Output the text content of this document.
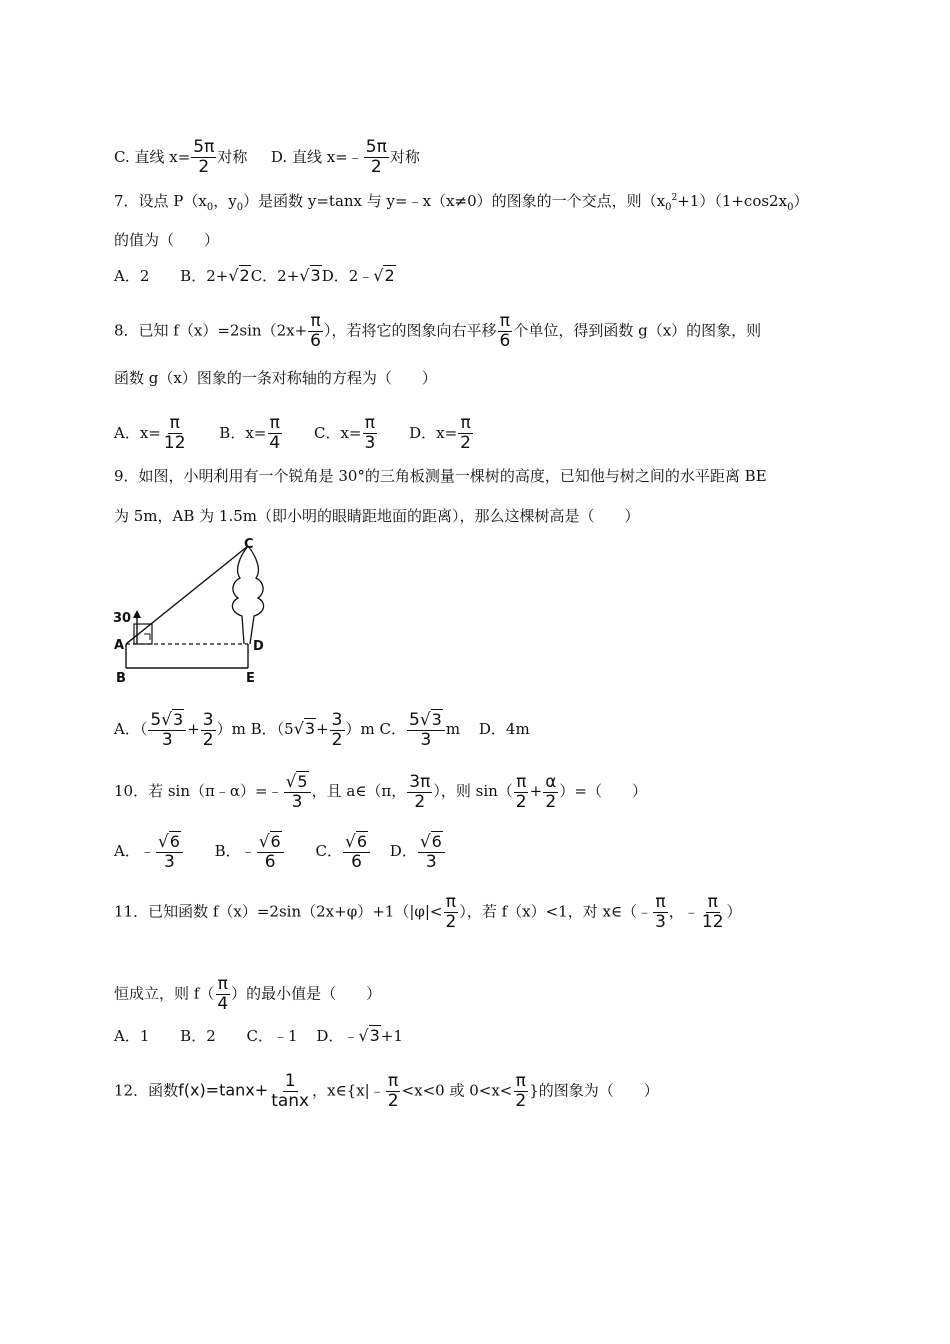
C. 直线 $x= \frac{5\pi}{2}$ 对称 D. 直线 x=﹣ $\frac{5\pi}{2}$ 对称
7．设点 $P(x_0$，$y_0$）是函数 y=tanx 与 y=﹣x（x≠0）的图象的一个交点，则$(x_0^2+1)(1+\cos 2x_0)$
的值为（　　）
A．2 B．2+√2C．2+√3D．2﹣√2
8．已知 $f(x)=2\sin(2x+ \frac{\pi}{6}$ ），若将它的图象向右平移 $\frac{\pi}{6}$ 个单位，得到函数 g（x）的图象，则
函数 g（x）图象的一条对称轴的方程为（　　）
A．$x= \frac{\pi}{12}$ B．$x= \frac{\pi}{4}$ C．$x= \frac{\pi}{3}$ D．$x= \frac{\pi}{2}$
9．如图，小明利用有一个锐角是 30°的三角板测量一棵树的高度，已知他与树之间的水平距离 BE
为 5m，AB 为 1.5m（即小明的眼睛距地面的距离），那么这棵树高是（　　）
30
A
B
C
D
E
A．（ $\frac{5√3}{3} + \frac{3}{2} )m$ B．$(5√3+ \frac{3}{2} )m$ C． $\frac{5√3}{3}$ m D．4m
10．若 sin（π﹣α）=﹣ $\frac{√5}{3}$ ，且 a∈（π， $\frac{3\pi}{2}$ ），则 $\sin( \frac{\pi}{2} + \frac{\alpha}{2}$ ）=（　　）
A．﹣ $\frac{√6}{3}$ B．﹣ $\frac{√6}{6}$ C． $\frac{√6}{6}$ D． $\frac{√6}{3}$
11．已知函数 $f(x)=2\sin(2x+\varphi)+1(|\varphi|< \frac{\pi}{2}$ ），若 f（x）<1，对 x∈（﹣ $\frac{\pi}{3}$ ，﹣ $\frac{\pi}{12}$ ）
恒成立，则 $f( \frac{\pi}{4}$ ）的最小值是（　　）
A．1 B．2 C．﹣1 D．﹣√3+1
12．函数$f(x)=\tan x+ \frac{1}{\tan x}$ ，x∈{x|﹣ $\frac{\pi}{2} <x<0$ 或 $0<x< \frac{\pi}{2}$ }的图象为（　　）
